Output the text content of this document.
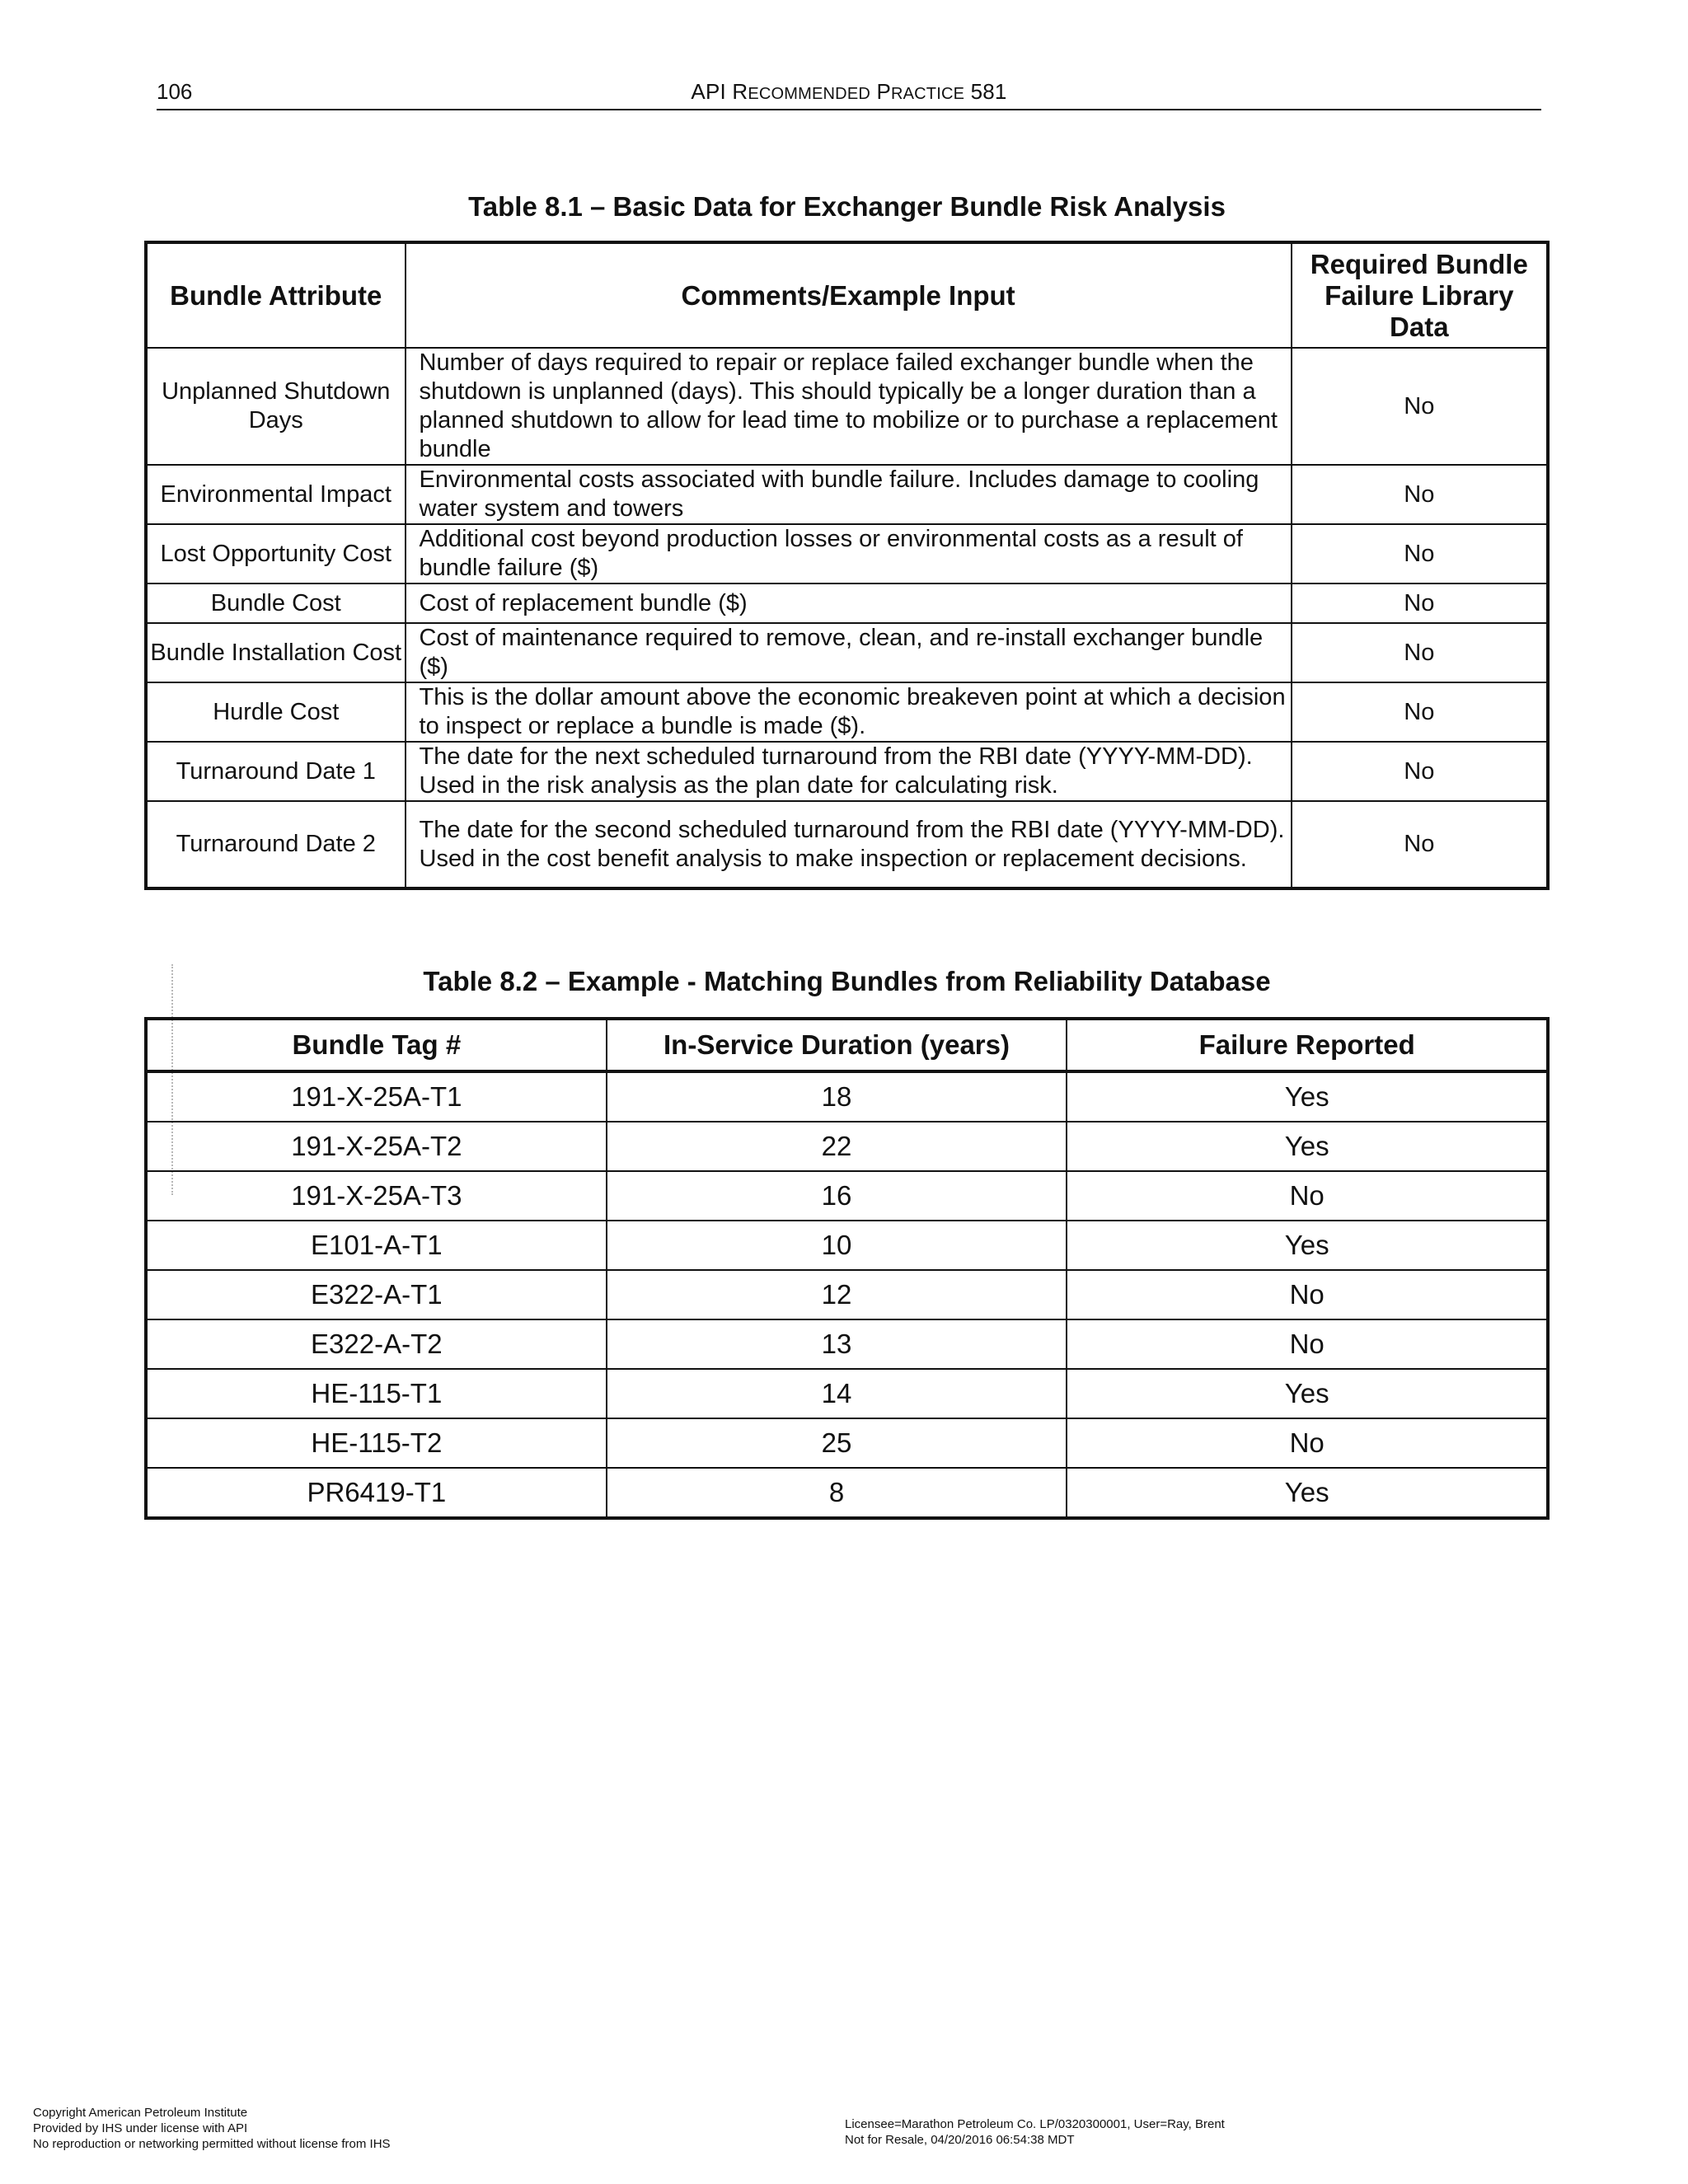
106	API RECOMMENDED PRACTICE 581
Table 8.1 – Basic Data for Exchanger Bundle Risk Analysis
Bundle Attribute	Comments/Example Input	Required Bundle Failure Library Data
Unplanned Shutdown Days	Number of days required to repair or replace failed exchanger bundle when the shutdown is unplanned (days). This should typically be a longer duration than a planned shutdown to allow for lead time to mobilize or to purchase a replacement bundle	No
Environmental Impact	Environmental costs associated with bundle failure. Includes damage to cooling water system and towers	No
Lost Opportunity Cost	Additional cost beyond production losses or environmental costs as a result of bundle failure ($)	No
Bundle Cost	Cost of replacement bundle ($)	No
Bundle Installation Cost	Cost of maintenance required to remove, clean, and re-install exchanger bundle ($)	No
Hurdle Cost	This is the dollar amount above the economic breakeven point at which a decision to inspect or replace a bundle is made ($).	No
Turnaround Date 1	The date for the next scheduled turnaround from the RBI date (YYYY-MM-DD). Used in the risk analysis as the plan date for calculating risk.	No
Turnaround Date 2	The date for the second scheduled turnaround from the RBI date (YYYY-MM-DD). Used in the cost benefit analysis to make inspection or replacement decisions.	No
Table 8.2 – Example - Matching Bundles from Reliability Database
Bundle Tag #	In-Service Duration (years)	Failure Reported
191-X-25A-T1	18	Yes
191-X-25A-T2	22	Yes
191-X-25A-T3	16	No
E101-A-T1	10	Yes
E322-A-T1	12	No
E322-A-T2	13	No
HE-115-T1	14	Yes
HE-115-T2	25	No
PR6419-T1	8	Yes
Copyright American Petroleum Institute
Provided by IHS under license with API
No reproduction or networking permitted without license from IHS
Licensee=Marathon Petroleum Co. LP/0320300001, User=Ray, Brent
Not for Resale, 04/20/2016 06:54:38 MDT
